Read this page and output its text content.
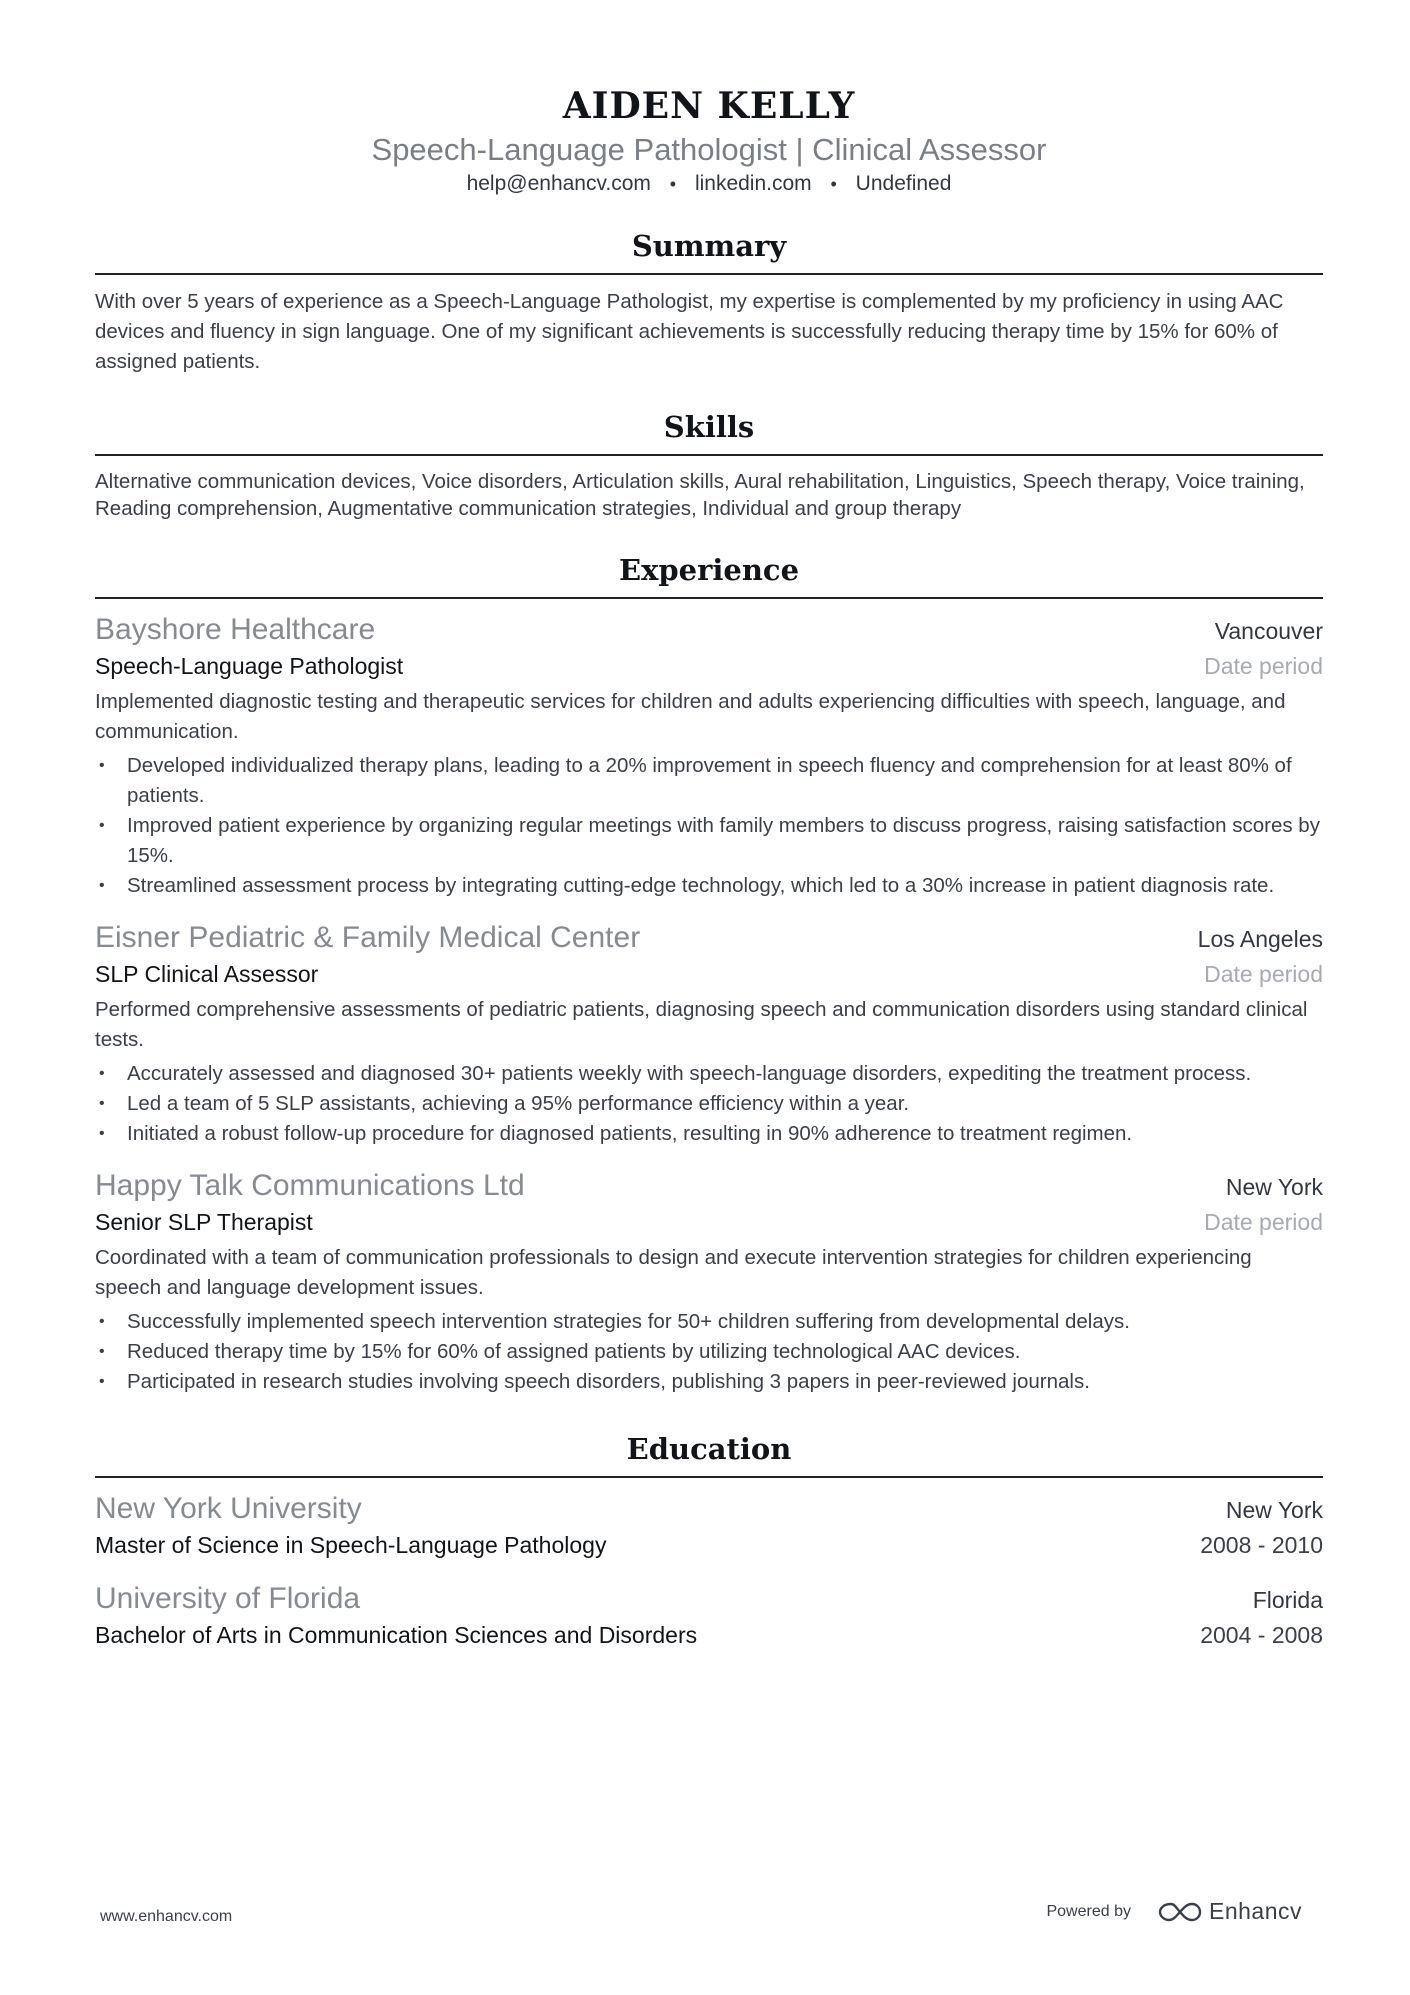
AIDEN KELLY
Speech-Language Pathologist | Clinical Assessor
help@enhancv.com • linkedin.com • Undefined
Summary
With over 5 years of experience as a Speech-Language Pathologist, my expertise is complemented by my proficiency in using AAC devices and fluency in sign language. One of my significant achievements is successfully reducing therapy time by 15% for 60% of assigned patients.
Skills
Alternative communication devices, Voice disorders, Articulation skills, Aural rehabilitation, Linguistics, Speech therapy, Voice training, Reading comprehension, Augmentative communication strategies, Individual and group therapy
Experience
Bayshore Healthcare	Vancouver
Speech-Language Pathologist	Date period
Implemented diagnostic testing and therapeutic services for children and adults experiencing difficulties with speech, language, and communication.
• Developed individualized therapy plans, leading to a 20% improvement in speech fluency and comprehension for at least 80% of patients.
• Improved patient experience by organizing regular meetings with family members to discuss progress, raising satisfaction scores by 15%.
• Streamlined assessment process by integrating cutting-edge technology, which led to a 30% increase in patient diagnosis rate.
Eisner Pediatric & Family Medical Center	Los Angeles
SLP Clinical Assessor	Date period
Performed comprehensive assessments of pediatric patients, diagnosing speech and communication disorders using standard clinical tests.
• Accurately assessed and diagnosed 30+ patients weekly with speech-language disorders, expediting the treatment process.
• Led a team of 5 SLP assistants, achieving a 95% performance efficiency within a year.
• Initiated a robust follow-up procedure for diagnosed patients, resulting in 90% adherence to treatment regimen.
Happy Talk Communications Ltd	New York
Senior SLP Therapist	Date period
Coordinated with a team of communication professionals to design and execute intervention strategies for children experiencing speech and language development issues.
• Successfully implemented speech intervention strategies for 50+ children suffering from developmental delays.
• Reduced therapy time by 15% for 60% of assigned patients by utilizing technological AAC devices.
• Participated in research studies involving speech disorders, publishing 3 papers in peer-reviewed journals.
Education
New York University	New York
Master of Science in Speech-Language Pathology	2008 - 2010
University of Florida	Florida
Bachelor of Arts in Communication Sciences and Disorders	2004 - 2008
www.enhancv.com	Powered by	Enhancv
